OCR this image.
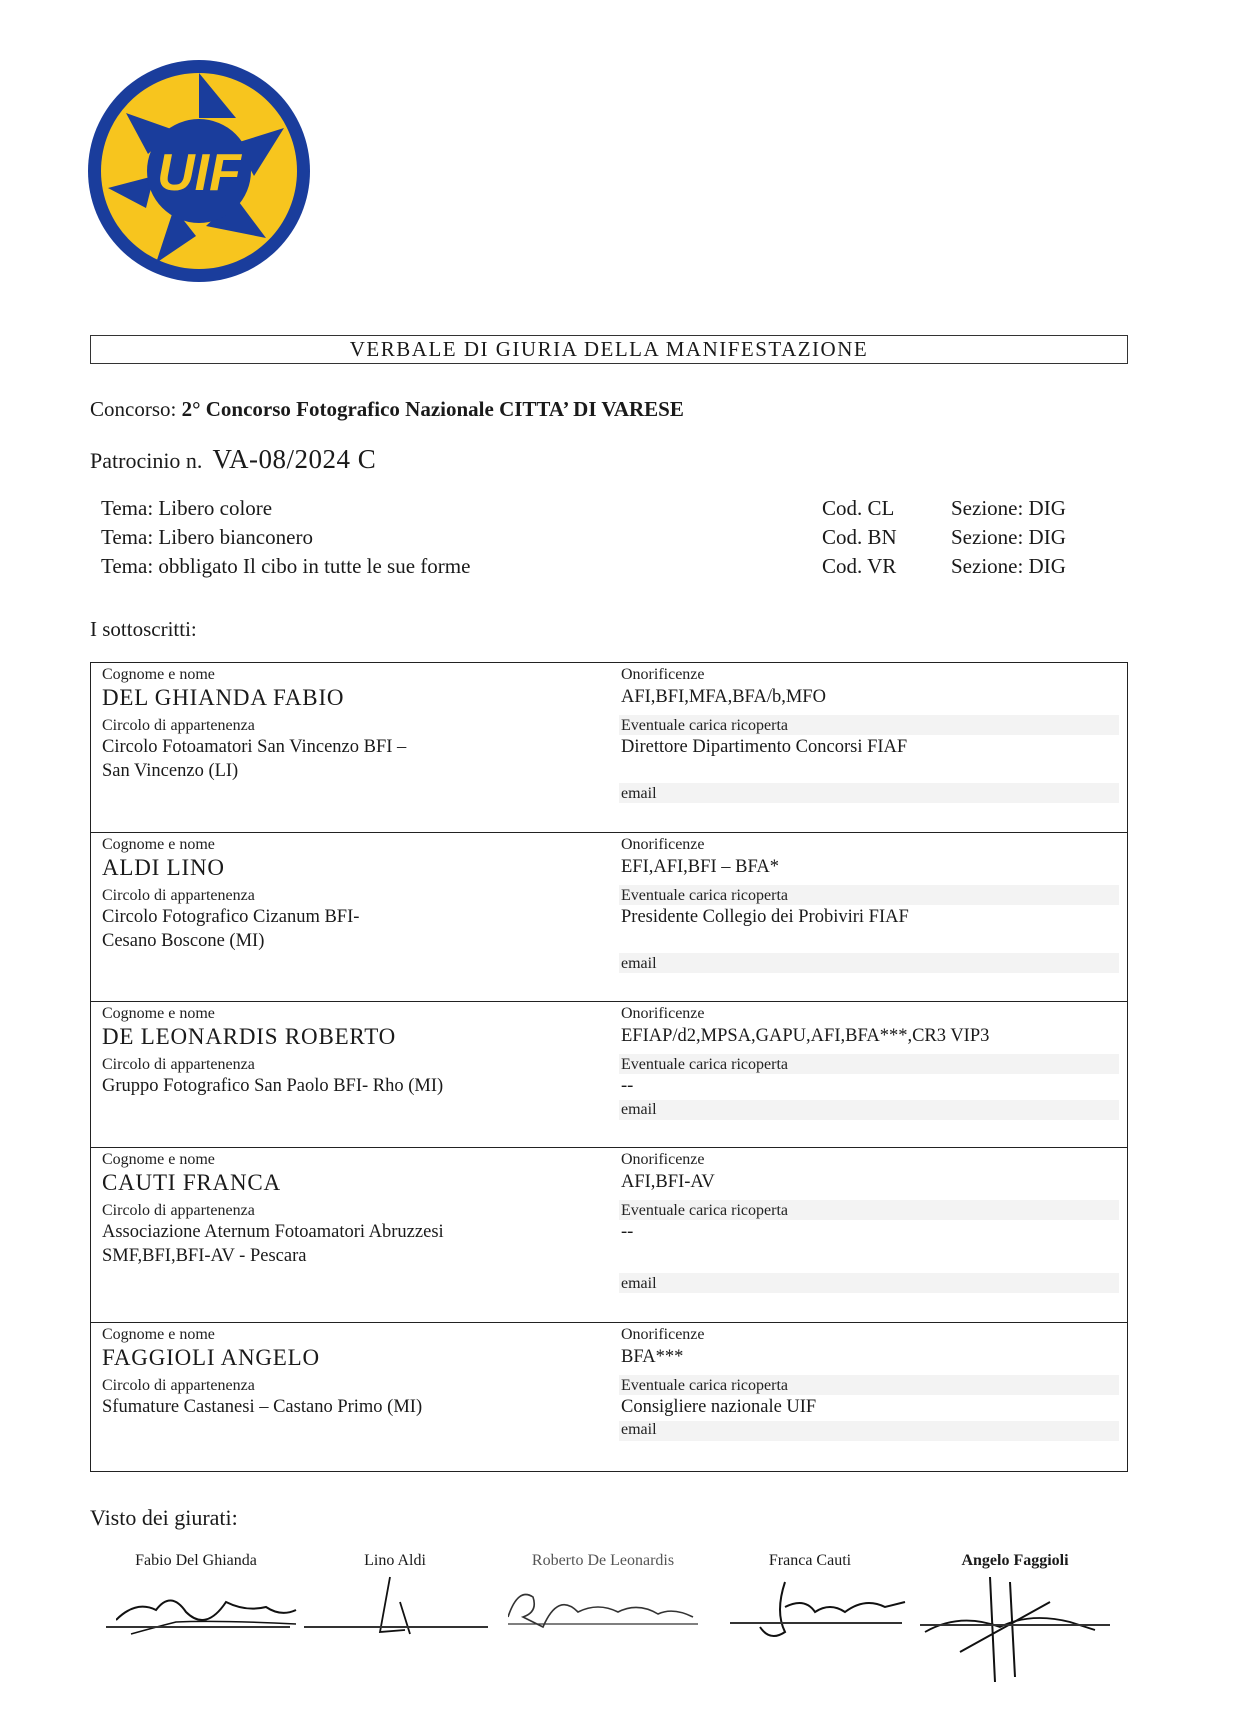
UIF
VERBALE DI GIURIA DELLA MANIFESTAZIONE
Concorso: 2° Concorso Fotografico Nazionale CITTA’ DI VARESE
Patrocinio n. VA-08/2024 C
Tema: Libero colore	Cod. CL	Sezione: DIG
Tema: Libero bianconero	Cod. BN	Sezione: DIG
Tema: obbligato Il cibo in tutte le sue forme	Cod. VR	Sezione: DIG
I sottoscritti:
Cognome e nome
DEL GHIANDA FABIO
Circolo di appartenenza
Circolo Fotoamatori San Vincenzo BFI –
San Vincenzo (LI)
Onorificenze
AFI,BFI,MFA,BFA/b,MFO
Eventuale carica ricoperta
Direttore Dipartimento Concorsi FIAF
email
Cognome e nome
ALDI LINO
Circolo di appartenenza
Circolo Fotografico Cizanum BFI-
Cesano Boscone (MI)
Onorificenze
EFI,AFI,BFI – BFA*
Eventuale carica ricoperta
Presidente Collegio dei Probiviri FIAF
email
Cognome e nome
DE LEONARDIS ROBERTO
Circolo di appartenenza
Gruppo Fotografico San Paolo BFI- Rho (MI)
Onorificenze
EFIAP/d2,MPSA,GAPU,AFI,BFA***,CR3 VIP3
Eventuale carica ricoperta
--
email
Cognome e nome
CAUTI FRANCA
Circolo di appartenenza
Associazione Aternum Fotoamatori Abruzzesi
SMF,BFI,BFI-AV - Pescara
Onorificenze
AFI,BFI-AV
Eventuale carica ricoperta
--
email
Cognome e nome
FAGGIOLI ANGELO
Circolo di appartenenza
Sfumature Castanesi – Castano Primo (MI)
Onorificenze
BFA***
Eventuale carica ricoperta
Consigliere nazionale UIF
email
Visto dei giurati:
Fabio Del Ghianda	Lino Aldi	Roberto De Leonardis	Franca Cauti	Angelo Faggioli
